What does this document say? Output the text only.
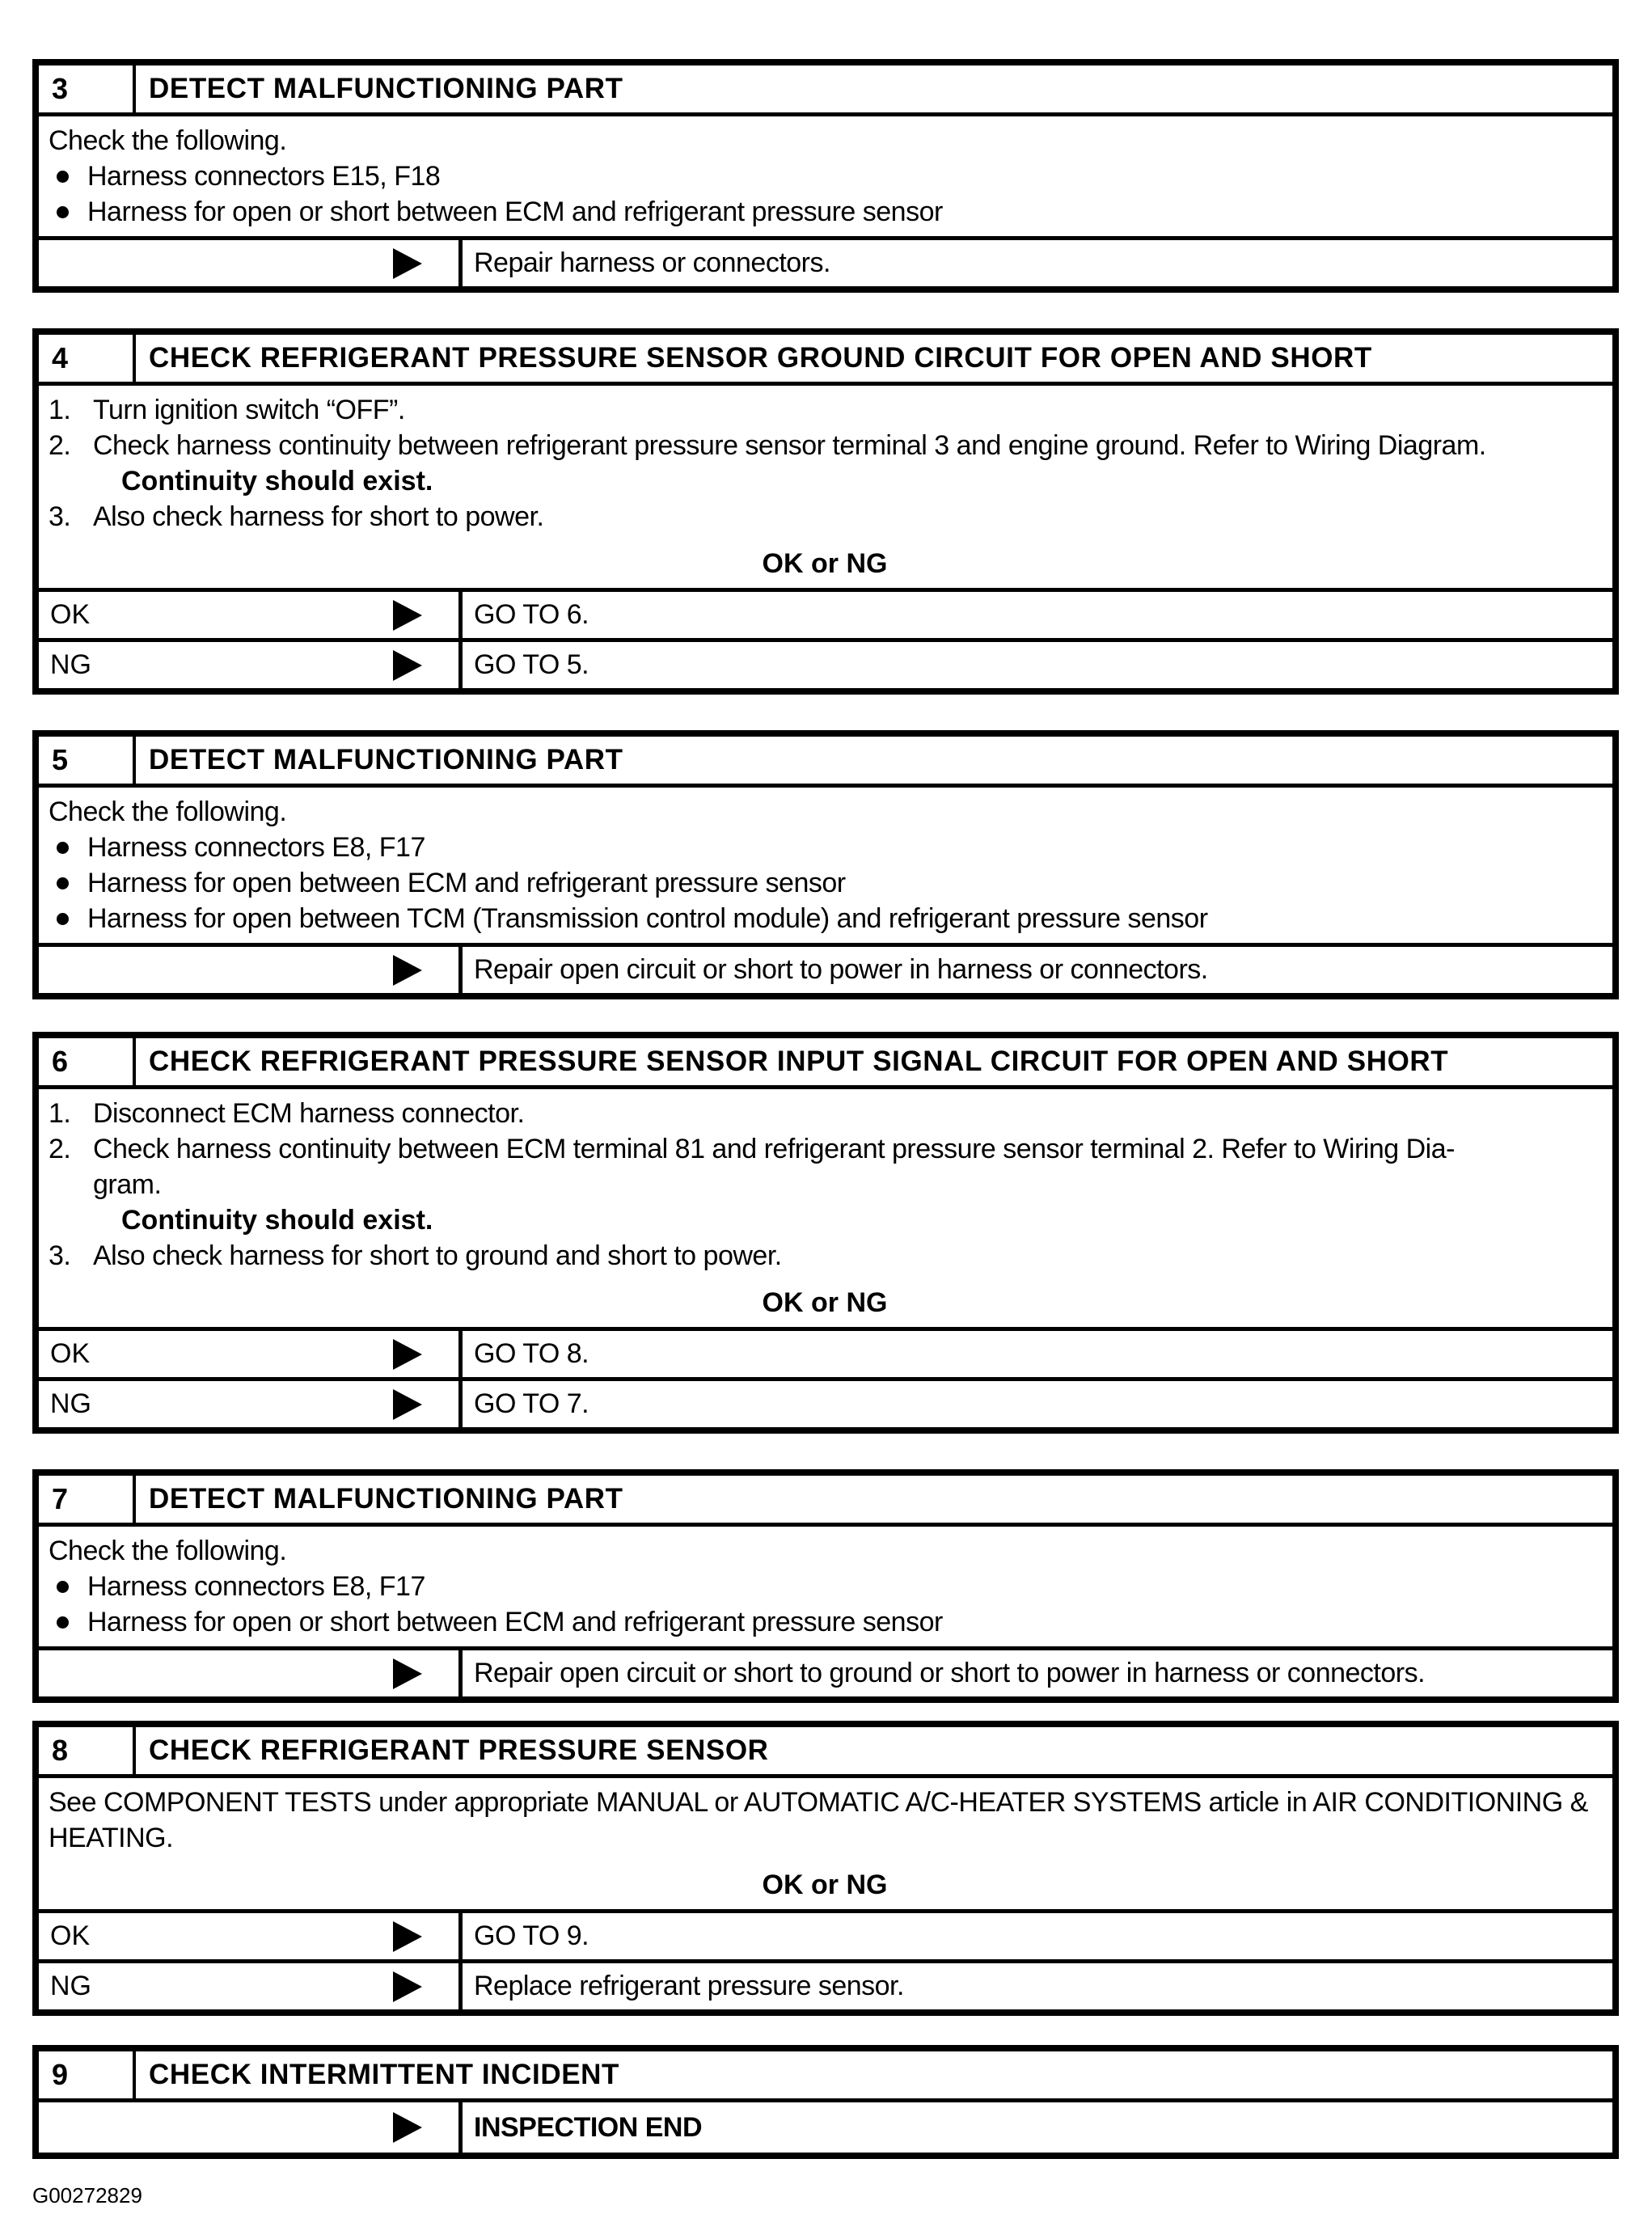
3	DETECT MALFUNCTIONING PART
Check the following.
Harness connectors E15, F18
Harness for open or short between ECM and refrigerant pressure sensor
Repair harness or connectors.
4	CHECK REFRIGERANT PRESSURE SENSOR GROUND CIRCUIT FOR OPEN AND SHORT
1. Turn ignition switch “OFF”.
2. Check harness continuity between refrigerant pressure sensor terminal 3 and engine ground. Refer to Wiring Diagram.
Continuity should exist.
3. Also check harness for short to power.
OK or NG
OK	GO TO 6.
NG	GO TO 5.
5	DETECT MALFUNCTIONING PART
Check the following.
Harness connectors E8, F17
Harness for open between ECM and refrigerant pressure sensor
Harness for open between TCM (Transmission control module) and refrigerant pressure sensor
Repair open circuit or short to power in harness or connectors.
6	CHECK REFRIGERANT PRESSURE SENSOR INPUT SIGNAL CIRCUIT FOR OPEN AND SHORT
1. Disconnect ECM harness connector.
2. Check harness continuity between ECM terminal 81 and refrigerant pressure sensor terminal 2. Refer to Wiring Dia-
gram.
Continuity should exist.
3. Also check harness for short to ground and short to power.
OK or NG
OK	GO TO 8.
NG	GO TO 7.
7	DETECT MALFUNCTIONING PART
Check the following.
Harness connectors E8, F17
Harness for open or short between ECM and refrigerant pressure sensor
Repair open circuit or short to ground or short to power in harness or connectors.
8	CHECK REFRIGERANT PRESSURE SENSOR
See COMPONENT TESTS under appropriate MANUAL or AUTOMATIC A/C-HEATER SYSTEMS article in AIR CONDITIONING & HEATING.
OK or NG
OK	GO TO 9.
NG	Replace refrigerant pressure sensor.
9	CHECK INTERMITTENT INCIDENT
INSPECTION END
G00272829
